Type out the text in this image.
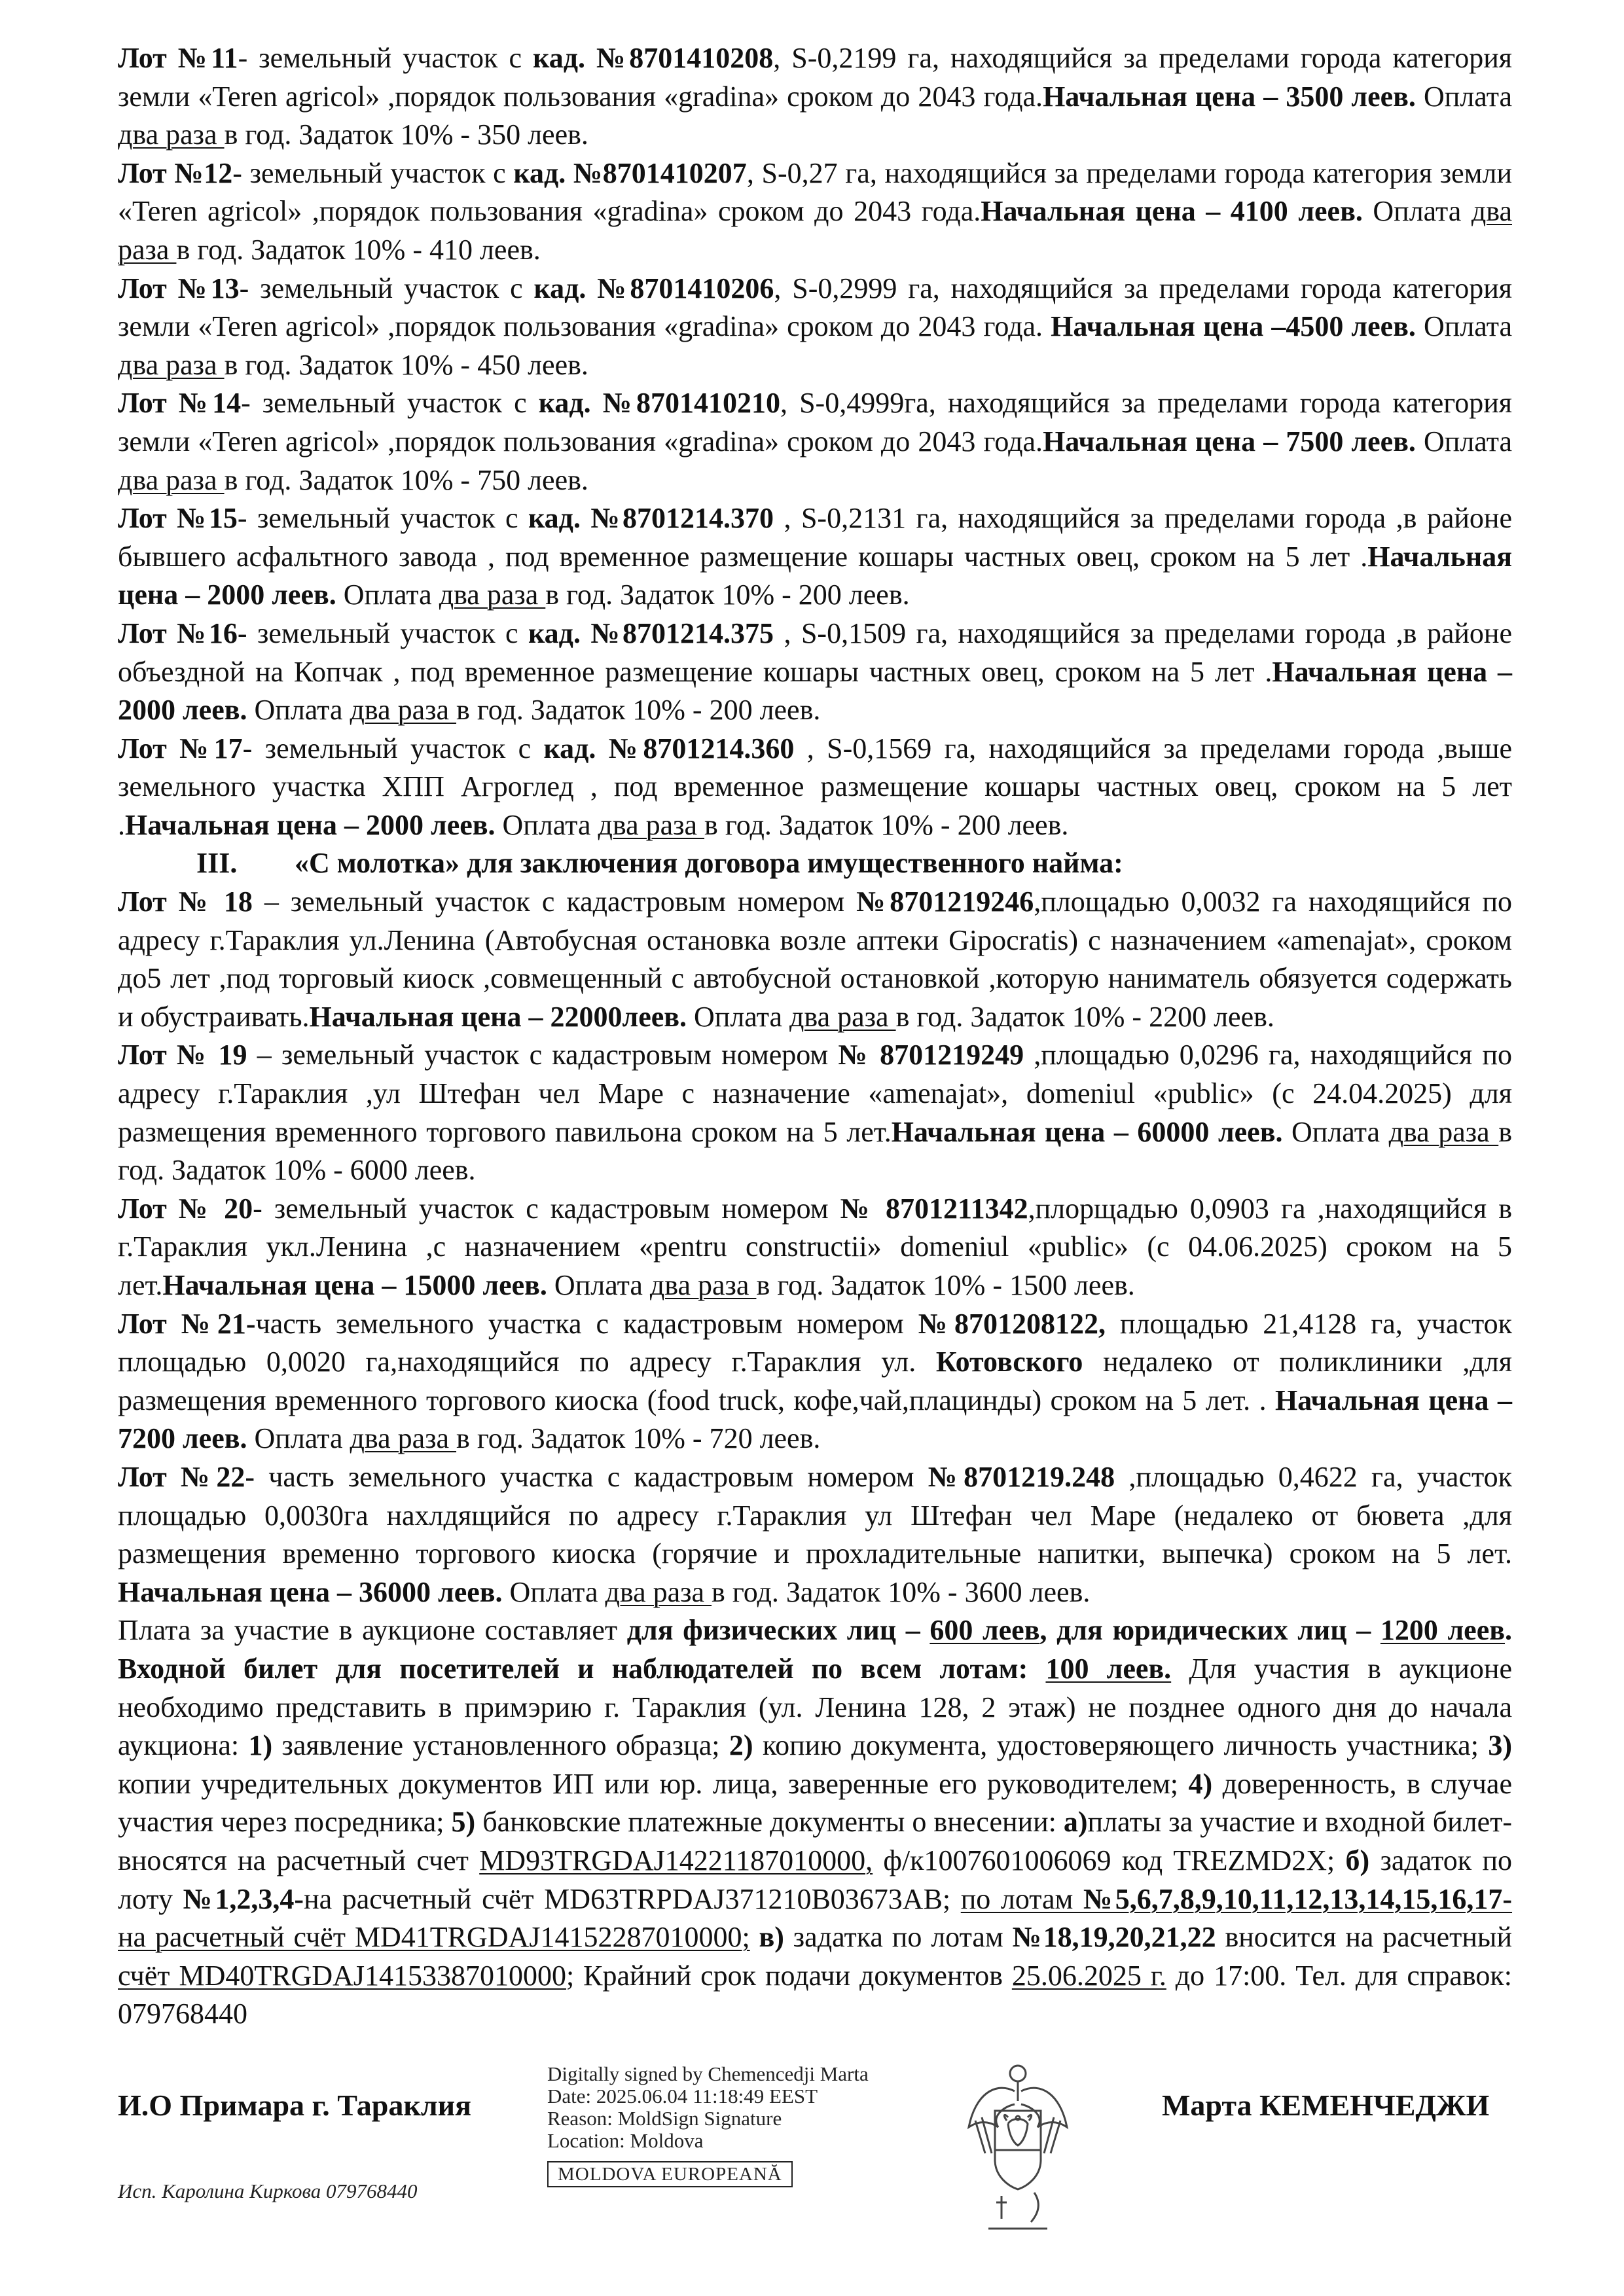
Лот №11- земельный участок с кад. №8701410208, S-0,2199 га, находящийся за пределами города категория земли «Teren agricol» ,порядок пользования «gradina» сроком до 2043 года.Начальная цена – 3500 леев. Оплата два раза в год. Задаток 10% - 350 леев.

Лот №12- земельный участок с кад. №8701410207, S-0,27 га, находящийся за пределами города категория земли «Teren agricol» ,порядок пользования «gradina» сроком до 2043 года.Начальная цена – 4100 леев. Оплата два раза в год. Задаток 10% - 410 леев.

Лот №13- земельный участок с кад. №8701410206, S-0,2999 га, находящийся за пределами города категория земли «Teren agricol» ,порядок пользования «gradina» сроком до 2043 года. Начальная цена –4500 леев. Оплата два раза в год. Задаток 10% - 450 леев.

Лот №14- земельный участок с кад. №8701410210, S-0,4999га, находящийся за пределами города категория земли «Teren agricol» ,порядок пользования «gradina» сроком до 2043 года.Начальная цена – 7500 леев. Оплата два раза в год. Задаток 10% - 750 леев.

Лот №15- земельный участок с кад. №8701214.370 , S-0,2131 га, находящийся за пределами города ,в районе бывшего асфальтного завода , под временное размещение кошары частных овец, сроком на 5 лет .Начальная цена – 2000 леев. Оплата два раза в год. Задаток 10% - 200 леев.

Лот №16- земельный участок с кад. №8701214.375 , S-0,1509 га, находящийся за пределами города ,в районе объездной на Копчак , под временное размещение кошары частных овец, сроком на 5 лет .Начальная цена – 2000 леев. Оплата два раза в год. Задаток 10% - 200 леев.

Лот №17- земельный участок с кад. №8701214.360 , S-0,1569 га, находящийся за пределами города ,выше земельного участка ХПП Агроглед , под временное размещение кошары частных овец, сроком на 5 лет .Начальная цена – 2000 леев. Оплата два раза в год. Задаток 10% - 200 леев.

III. «С молотка» для заключения договора имущественного найма:

Лот № 18 – земельный участок с кадастровым номером №8701219246,площадью 0,0032 га находящийся по адресу г.Тараклия ул.Ленина (Автобусная остановка возле аптеки Gipocratis) с назначением «amenajat», сроком до5 лет ,под торговый киоск ,совмещенный с автобусной остановкой ,которую наниматель обязуется содержать и обустраивать.Начальная цена – 22000леев. Оплата два раза в год. Задаток 10% - 2200 леев.

Лот № 19 – земельный участок с кадастровым номером № 8701219249 ,площадью 0,0296 га, находящийся по адресу г.Тараклия ,ул Штефан чел Маре с назначение «amenajat», domeniul «public» (с 24.04.2025) для размещения временного торгового павильона сроком на 5 лет.Начальная цена – 60000 леев. Оплата два раза в год. Задаток 10% - 6000 леев.

Лот № 20- земельный участок с кадастровым номером № 8701211342,плорщадью 0,0903 га ,находящийся в г.Тараклия укл.Ленина ,с назначением «pentru constructii» domeniul «public» (с 04.06.2025) сроком на 5 лет.Начальная цена – 15000 леев. Оплата два раза в год. Задаток 10% - 1500 леев.

Лот №21-часть земельного участка с кадастровым номером №8701208122, площадью 21,4128 га, участок площадью 0,0020 га,находящийся по адресу г.Тараклия ул. Котовского недалеко от поликлиники ,для размещения временного торгового киоска (food truck, кофе,чай,плацинды) сроком на 5 лет. . Начальная цена – 7200 леев. Оплата два раза в год. Задаток 10% - 720 леев.

Лот №22- часть земельного участка с кадастровым номером №8701219.248 ,площадью 0,4622 га, участок площадью 0,0030га нахлдящийся по адресу г.Тараклия ул Штефан чел Маре (недалеко от бювета ,для размещения временно торгового киоска (горячие и прохладительные напитки, выпечка) сроком на 5 лет. Начальная цена – 36000 леев. Оплата два раза в год. Задаток 10% - 3600 леев.

Плата за участие в аукционе составляет для физических лиц – 600 леев, для юридических лиц – 1200 леев. Входной билет для посетителей и наблюдателей по всем лотам: 100 леев. Для участия в аукционе необходимо представить в примэрию г. Тараклия (ул. Ленина 128, 2 этаж) не позднее одного дня до начала аукциона: 1) заявление установленного образца; 2) копию документа, удостоверяющего личность участника; 3) копии учредительных документов ИП или юр. лица, заверенные его руководителем; 4) доверенность, в случае участия через посредника; 5) банковские платежные документы о внесении: а)платы за участие и входной билет-вносятся на расчетный счет MD93TRGDAJ14221187010000, ф/к1007601006069 код TREZMD2X; б) задаток по лоту №1,2,3,4-на расчетный счёт MD63TRPDAJ371210B03673AB; по лотам №5,6,7,8,9,10,11,12,13,14,15,16,17-на расчетный счёт MD41TRGDAJ14152287010000; в) задатка по лотам №18,19,20,21,22 вносится на расчетный счёт MD40TRGDAJ14153387010000; Крайний срок подачи документов 25.06.2025 г. до 17:00. Тел. для справок: 079768440

И.О Примара г. Тараклия
Digitally signed by Chemencedji Marta
Date: 2025.06.04 11:18:49 EEST
Reason: MoldSign Signature
Location: Moldova
MOLDOVA EUROPEANĂ
Марта КЕМЕНЧЕДЖИ
Исп. Каролина Киркова 079768440
